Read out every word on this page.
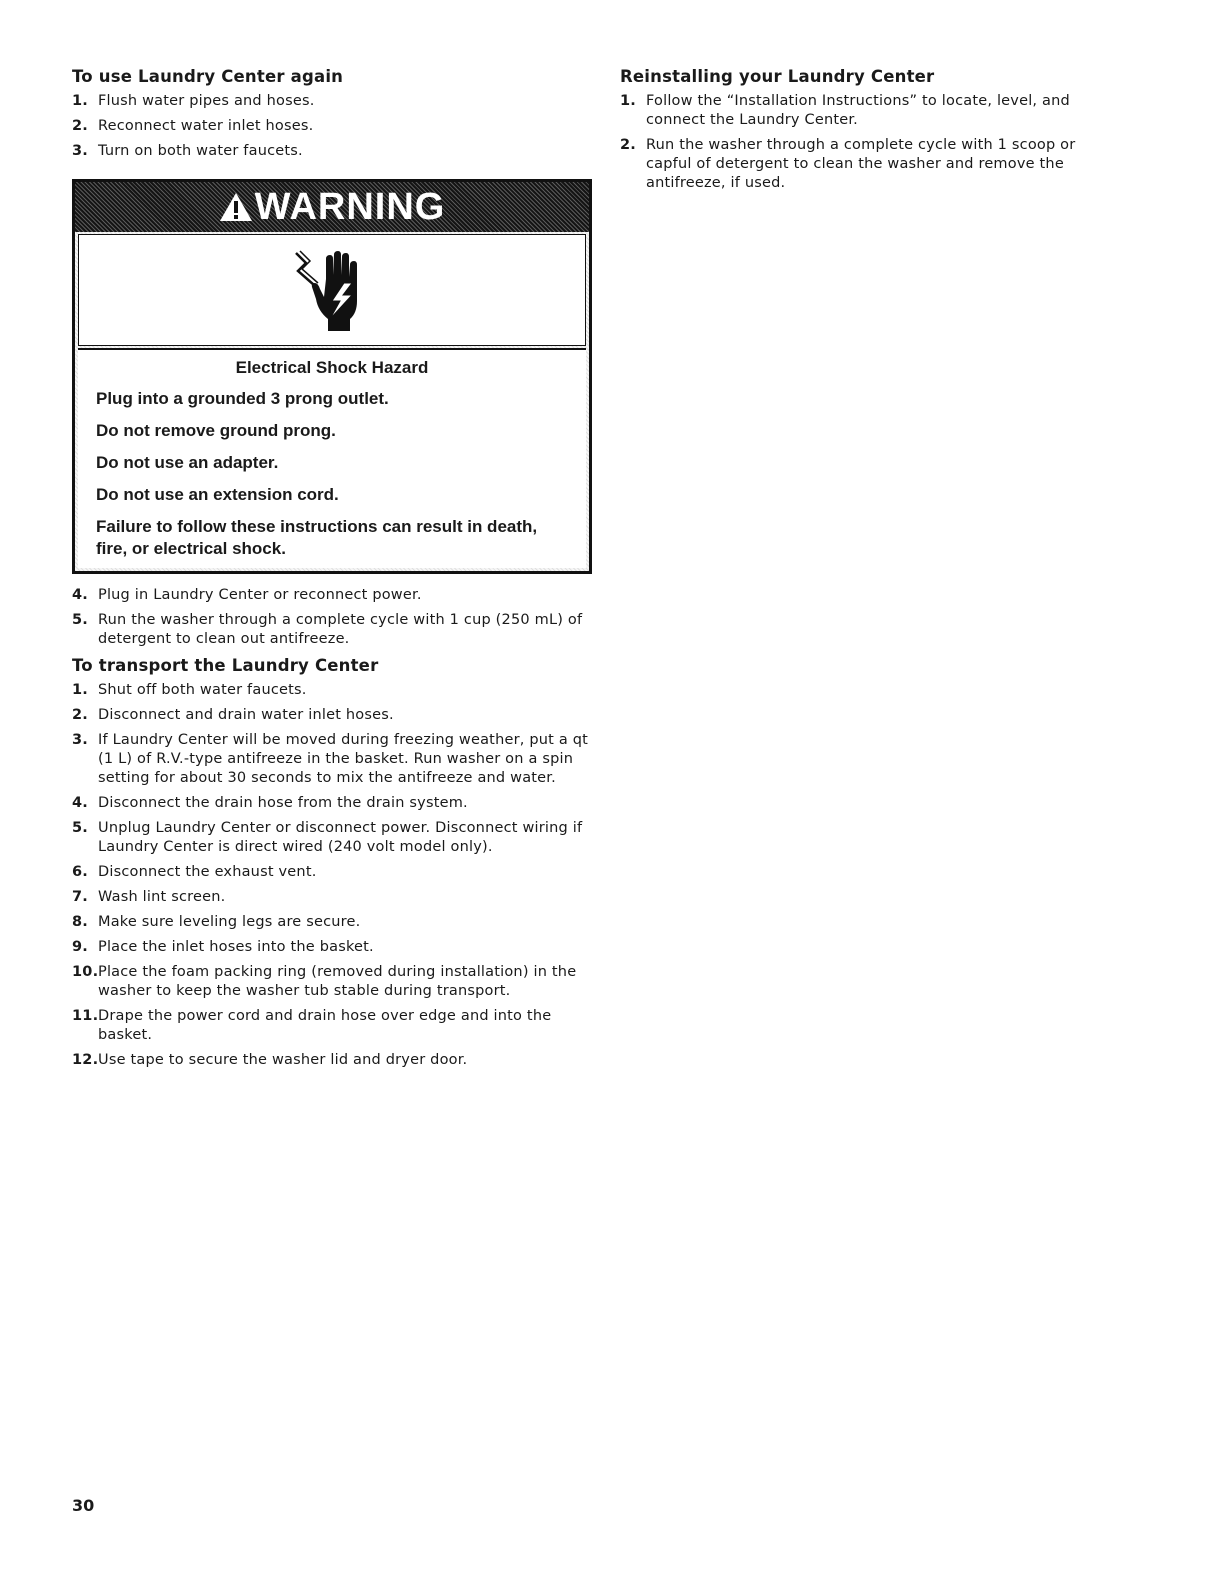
To use Laundry Center again
1. Flush water pipes and hoses.
2. Reconnect water inlet hoses.
3. Turn on both water faucets.
WARNING
Electrical Shock Hazard
Plug into a grounded 3 prong outlet.
Do not remove ground prong.
Do not use an adapter.
Do not use an extension cord.
Failure to follow these instructions can result in death, fire, or electrical shock.
4. Plug in Laundry Center or reconnect power.
5. Run the washer through a complete cycle with 1 cup (250 mL) of detergent to clean out antifreeze.
To transport the Laundry Center
1. Shut off both water faucets.
2. Disconnect and drain water inlet hoses.
3. If Laundry Center will be moved during freezing weather, put a qt (1 L) of R.V.-type antifreeze in the basket. Run washer on a spin setting for about 30 seconds to mix the antifreeze and water.
4. Disconnect the drain hose from the drain system.
5. Unplug Laundry Center or disconnect power. Disconnect wiring if Laundry Center is direct wired (240 volt model only).
6. Disconnect the exhaust vent.
7. Wash lint screen.
8. Make sure leveling legs are secure.
9. Place the inlet hoses into the basket.
10. Place the foam packing ring (removed during installation) in the washer to keep the washer tub stable during transport.
11. Drape the power cord and drain hose over edge and into the basket.
12. Use tape to secure the washer lid and dryer door.
Reinstalling your Laundry Center
1. Follow the “Installation Instructions” to locate, level, and connect the Laundry Center.
2. Run the washer through a complete cycle with 1 scoop or capful of detergent to clean the washer and remove the antifreeze, if used.
30
